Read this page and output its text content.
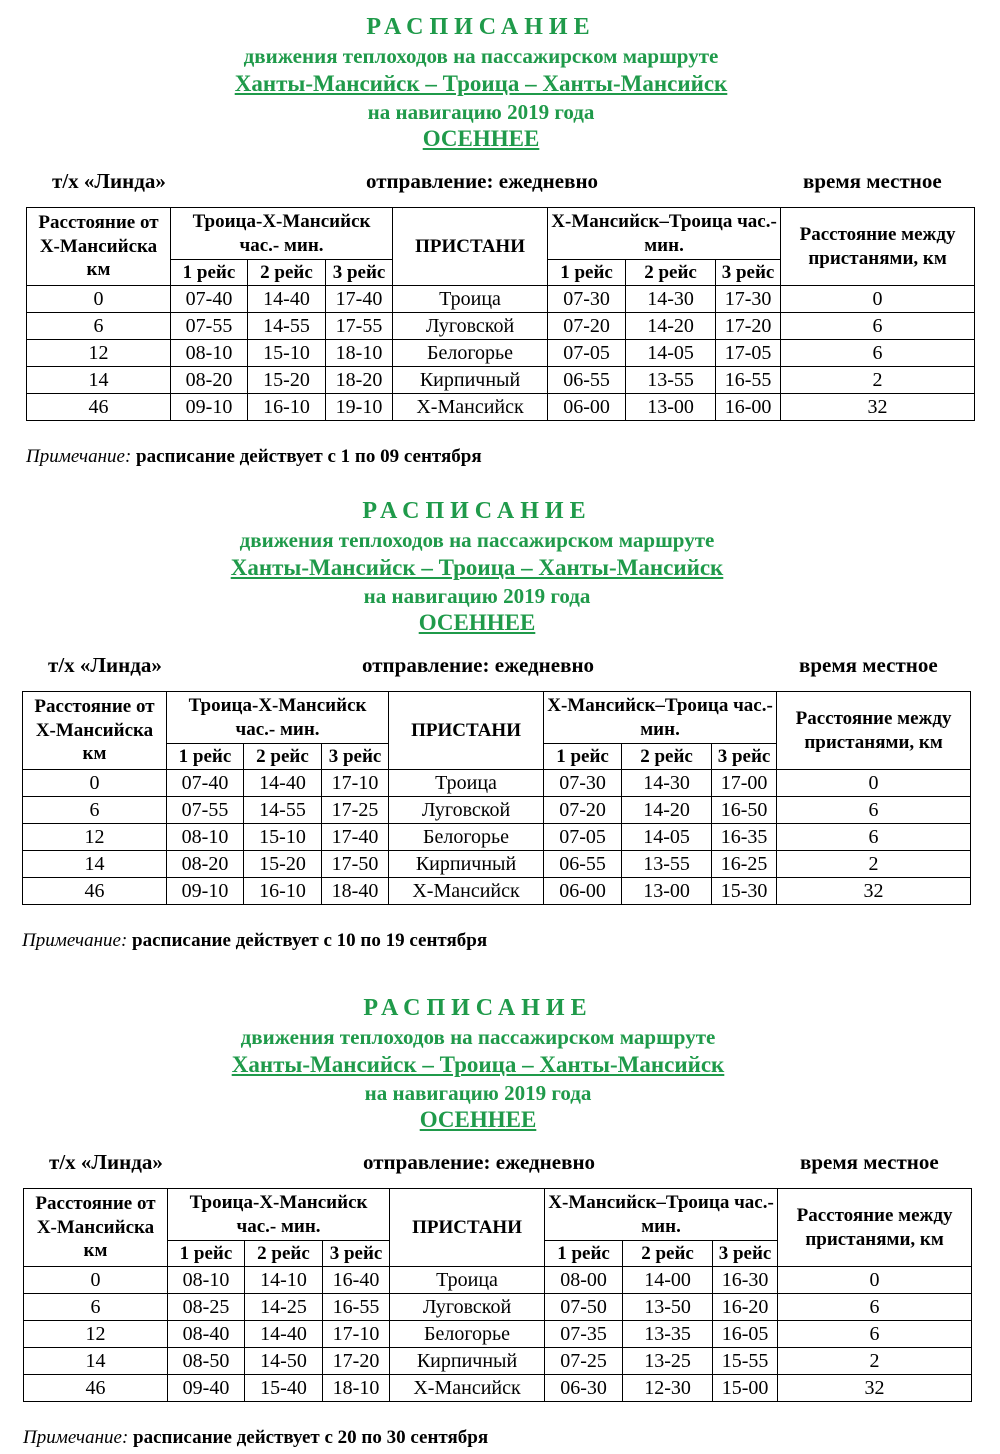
РАСПИСАНИЕ
движения теплоходов на пассажирском маршруте
Ханты-Мансийск – Троица – Ханты-Мансийск
на навигацию 2019 года
ОСЕННЕЕ
т/х «Линда»	отправление: ежедневно	время местное
Расстояние от Х-Мансийска км	Троица-Х-Мансийск час.- мин.			ПРИСТАНИ	Х-Мансийск–Троица час.- мин.			Расстояние между пристанями, км
	1 рейс	2 рейс	3 рейс		1 рейс	2 рейс	3 рейс	
0	07-40	14-40	17-40	Троица	07-30	14-30	17-30	0
6	07-55	14-55	17-55	Луговской	07-20	14-20	17-20	6
12	08-10	15-10	18-10	Белогорье	07-05	14-05	17-05	6
14	08-20	15-20	18-20	Кирпичный	06-55	13-55	16-55	2
46	09-10	16-10	19-10	Х-Мансийск	06-00	13-00	16-00	32
Примечание: расписание действует с 1 по 09 сентября
РАСПИСАНИЕ
движения теплоходов на пассажирском маршруте
Ханты-Мансийск – Троица – Ханты-Мансийск
на навигацию 2019 года
ОСЕННЕЕ
т/х «Линда»	отправление: ежедневно	время местное
Расстояние от Х-Мансийска км	Троица-Х-Мансийск час.- мин.			ПРИСТАНИ	Х-Мансийск–Троица час.- мин.			Расстояние между пристанями, км
	1 рейс	2 рейс	3 рейс		1 рейс	2 рейс	3 рейс	
0	07-40	14-40	17-10	Троица	07-30	14-30	17-00	0
6	07-55	14-55	17-25	Луговской	07-20	14-20	16-50	6
12	08-10	15-10	17-40	Белогорье	07-05	14-05	16-35	6
14	08-20	15-20	17-50	Кирпичный	06-55	13-55	16-25	2
46	09-10	16-10	18-40	Х-Мансийск	06-00	13-00	15-30	32
Примечание: расписание действует с 10 по 19 сентября
РАСПИСАНИЕ
движения теплоходов на пассажирском маршруте
Ханты-Мансийск – Троица – Ханты-Мансийск
на навигацию 2019 года
ОСЕННЕЕ
т/х «Линда»	отправление: ежедневно	время местное
Расстояние от Х-Мансийска км	Троица-Х-Мансийск час.- мин.			ПРИСТАНИ	Х-Мансийск–Троица час.- мин.			Расстояние между пристанями, км
	1 рейс	2 рейс	3 рейс		1 рейс	2 рейс	3 рейс	
0	08-10	14-10	16-40	Троица	08-00	14-00	16-30	0
6	08-25	14-25	16-55	Луговской	07-50	13-50	16-20	6
12	08-40	14-40	17-10	Белогорье	07-35	13-35	16-05	6
14	08-50	14-50	17-20	Кирпичный	07-25	13-25	15-55	2
46	09-40	15-40	18-10	Х-Мансийск	06-30	12-30	15-00	32
Примечание: расписание действует с 20 по 30 сентября
